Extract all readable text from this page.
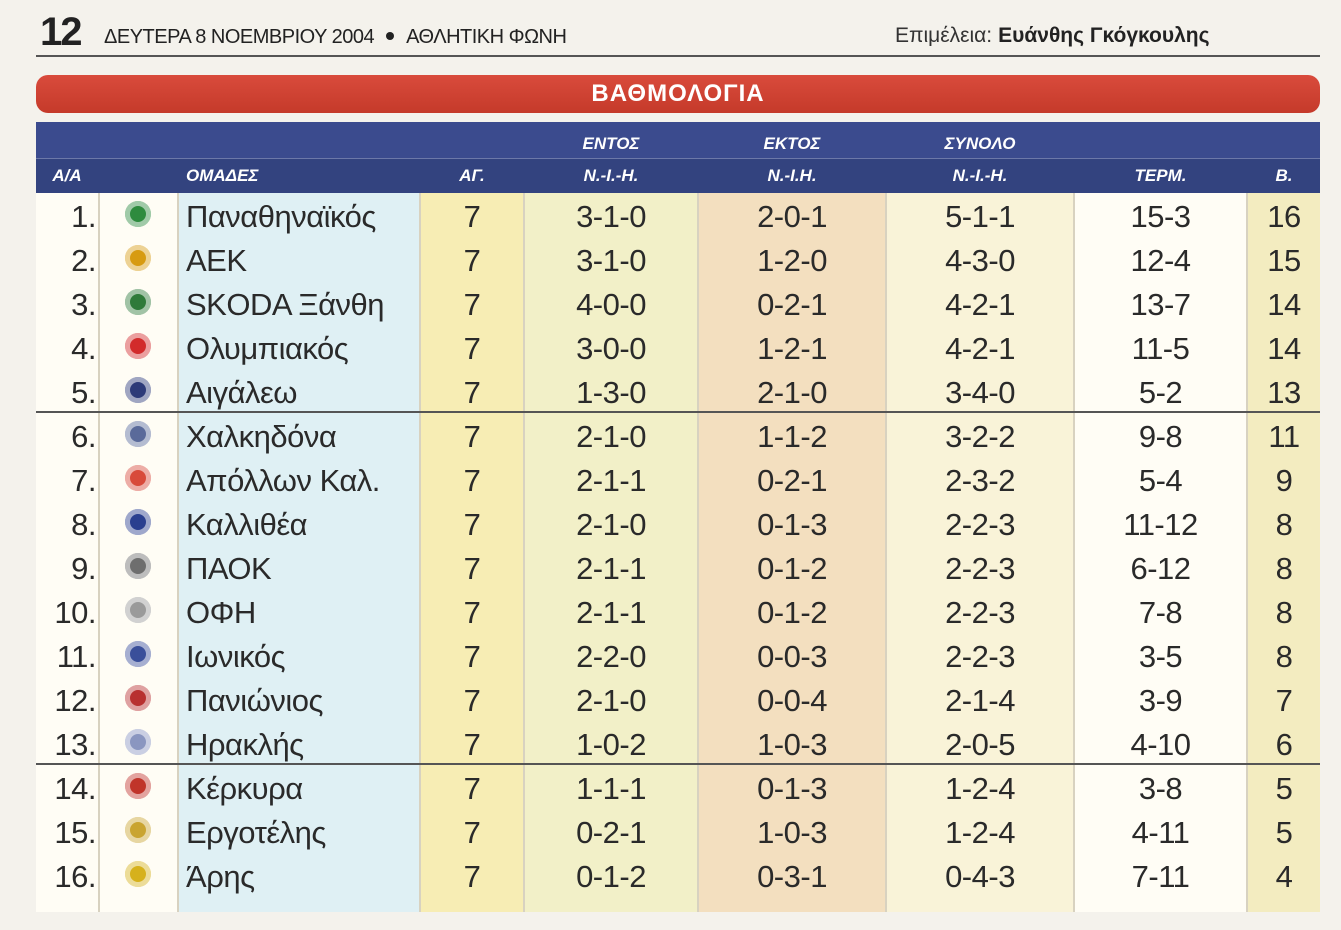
12 ΔΕΥΤΕΡΑ 8 ΝΟΕΜΒΡΙΟΥ 2004 ΑΘΛΗΤΙΚΗ ΦΩΝΗ	Επιμέλεια: Ευάνθης Γκόγκουλης
ΒΑΘΜΟΛΟΓΙΑ
ΕΝΤΟΣ	ΕΚΤΟΣ	ΣΥΝΟΛΟ
Α/Α	ΟΜΑΔΕΣ	ΑΓ.	Ν.-Ι.-Η.	Ν.-Ι.Η.	Ν.-Ι.-Η.	ΤΕΡΜ.	Β.
1.	Παναθηναϊκός	7	3-1-0	2-0-1	5-1-1	15-3	16
2.	ΑΕΚ	7	3-1-0	1-2-0	4-3-0	12-4	15
3.	SKODA Ξάνθη	7	4-0-0	0-2-1	4-2-1	13-7	14
4.	Ολυμπιακός	7	3-0-0	1-2-1	4-2-1	11-5	14
5.	Αιγάλεω	7	1-3-0	2-1-0	3-4-0	5-2	13
6.	Χαλκηδόνα	7	2-1-0	1-1-2	3-2-2	9-8	11
7.	Απόλλων Καλ.	7	2-1-1	0-2-1	2-3-2	5-4	9
8.	Καλλιθέα	7	2-1-0	0-1-3	2-2-3	11-12	8
9.	ΠΑΟΚ	7	2-1-1	0-1-2	2-2-3	6-12	8
10.	ΟΦΗ	7	2-1-1	0-1-2	2-2-3	7-8	8
11.	Ιωνικός	7	2-2-0	0-0-3	2-2-3	3-5	8
12.	Πανιώνιος	7	2-1-0	0-0-4	2-1-4	3-9	7
13.	Ηρακλής	7	1-0-2	1-0-3	2-0-5	4-10	6
14.	Κέρκυρα	7	1-1-1	0-1-3	1-2-4	3-8	5
15.	Εργοτέλης	7	0-2-1	1-0-3	1-2-4	4-11	5
16.	Άρης	7	0-1-2	0-3-1	0-4-3	7-11	4
